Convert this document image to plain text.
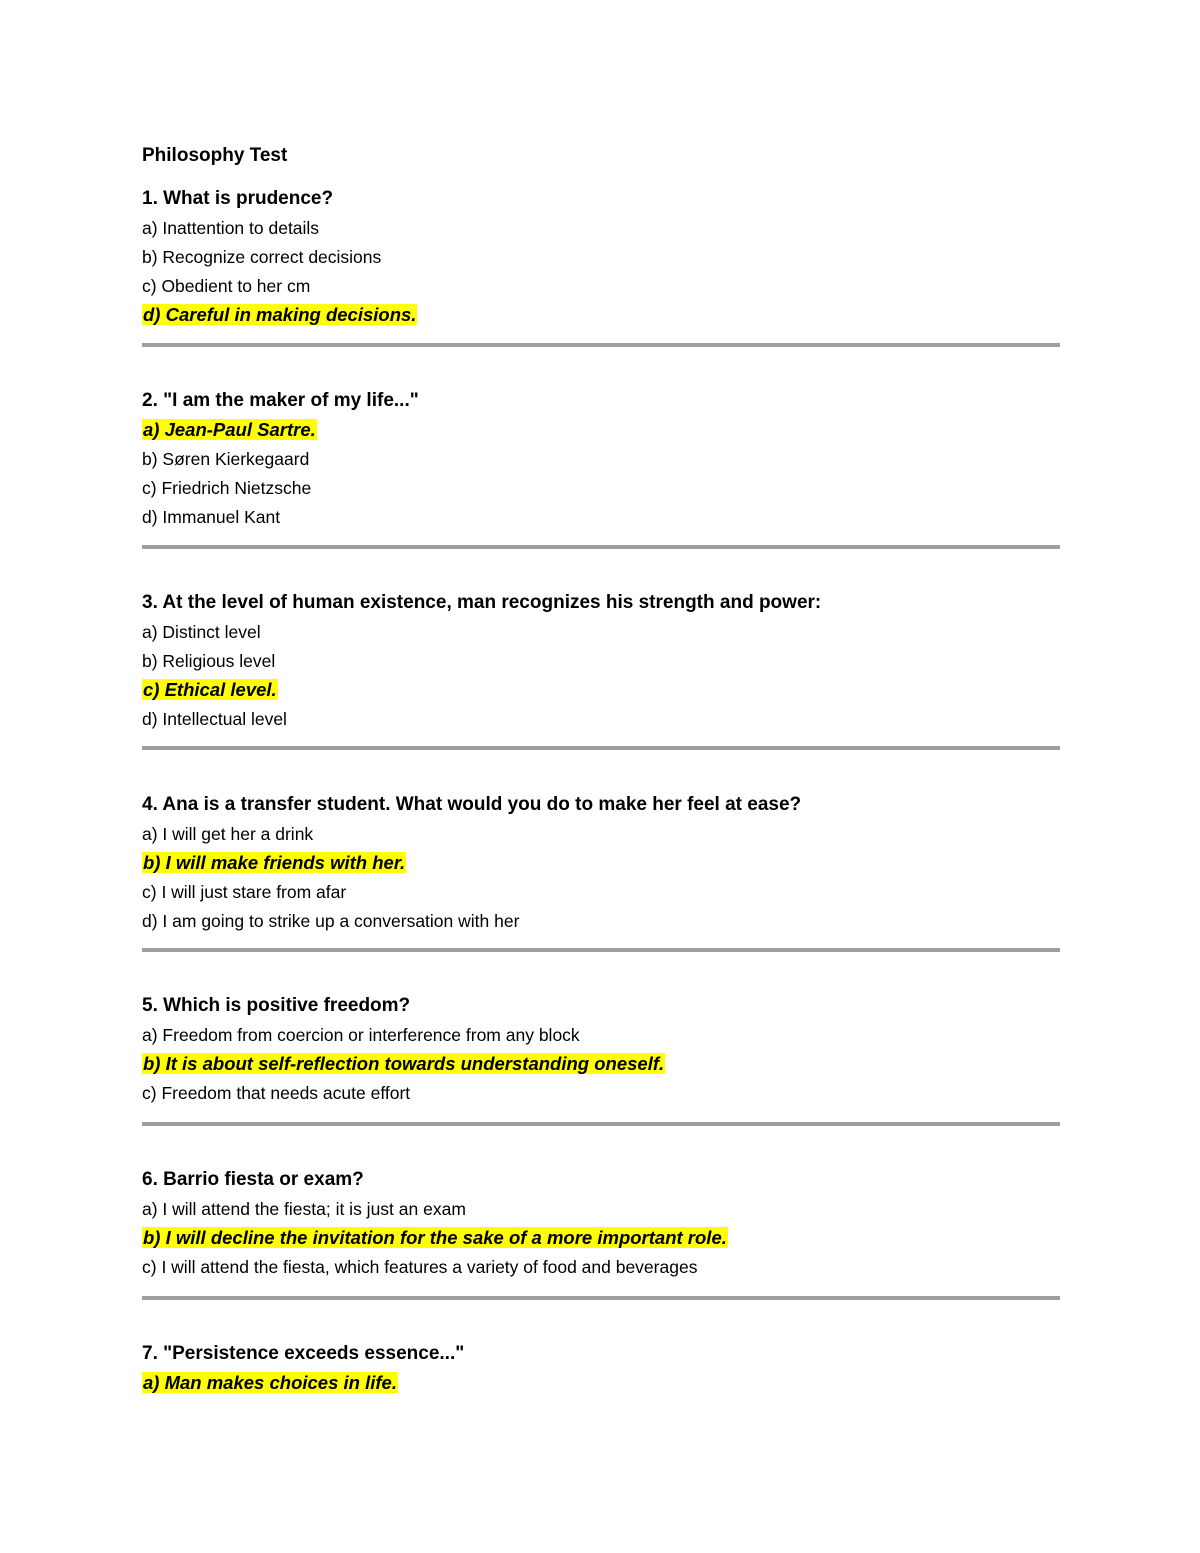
Philosophy Test
1. What is prudence?
a) Inattention to details
b) Recognize correct decisions
c) Obedient to her cm
d) Careful in making decisions.
2. "I am the maker of my life..."
a) Jean-Paul Sartre.
b) Søren Kierkegaard
c) Friedrich Nietzsche
d) Immanuel Kant
3. At the level of human existence, man recognizes his strength and power:
a) Distinct level
b) Religious level
c) Ethical level.
d) Intellectual level
4. Ana is a transfer student. What would you do to make her feel at ease?
a) I will get her a drink
b) I will make friends with her.
c) I will just stare from afar
d) I am going to strike up a conversation with her
5. Which is positive freedom?
a) Freedom from coercion or interference from any block
b) It is about self-reflection towards understanding oneself.
c) Freedom that needs acute effort
6. Barrio fiesta or exam?
a) I will attend the fiesta; it is just an exam
b) I will decline the invitation for the sake of a more important role.
c) I will attend the fiesta, which features a variety of food and beverages
7. "Persistence exceeds essence..."
a) Man makes choices in life.
